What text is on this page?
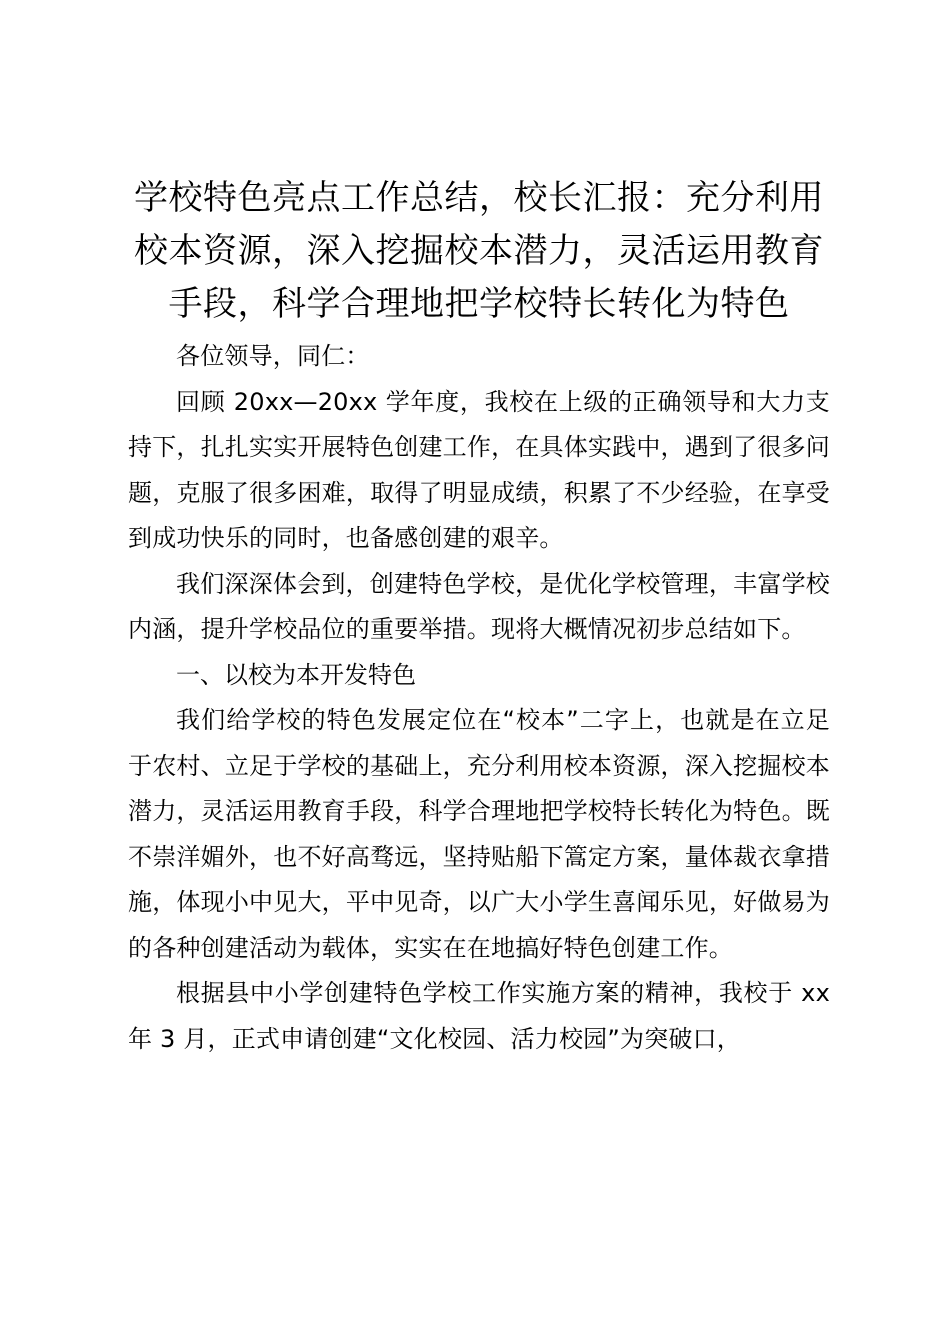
学校特色亮点工作总结，校长汇报：充分利用校本资源，深入挖掘校本潜力，灵活运用教育手段，科学合理地把学校特长转化为特色

各位领导，同仁：

回顾 20xx—20xx 学年度，我校在上级的正确领导和大力支持下，扎扎实实开展特色创建工作，在具体实践中，遇到了很多问题，克服了很多困难，取得了明显成绩，积累了不少经验，在享受到成功快乐的同时，也备感创建的艰辛。

我们深深体会到，创建特色学校，是优化学校管理，丰富学校内涵，提升学校品位的重要举措。现将大概情况初步总结如下。

一、以校为本开发特色

我们给学校的特色发展定位在“校本”二字上，也就是在立足于农村、立足于学校的基础上，充分利用校本资源，深入挖掘校本潜力，灵活运用教育手段，科学合理地把学校特长转化为特色。既不崇洋媚外，也不好高骛远，坚持贴船下篙定方案，量体裁衣拿措施，体现小中见大，平中见奇，以广大小学生喜闻乐见，好做易为的各种创建活动为载体，实实在在地搞好特色创建工作。

根据县中小学创建特色学校工作实施方案的精神，我校于 xx 年 3 月，正式申请创建“文化校园、活力校园”为突破口，
